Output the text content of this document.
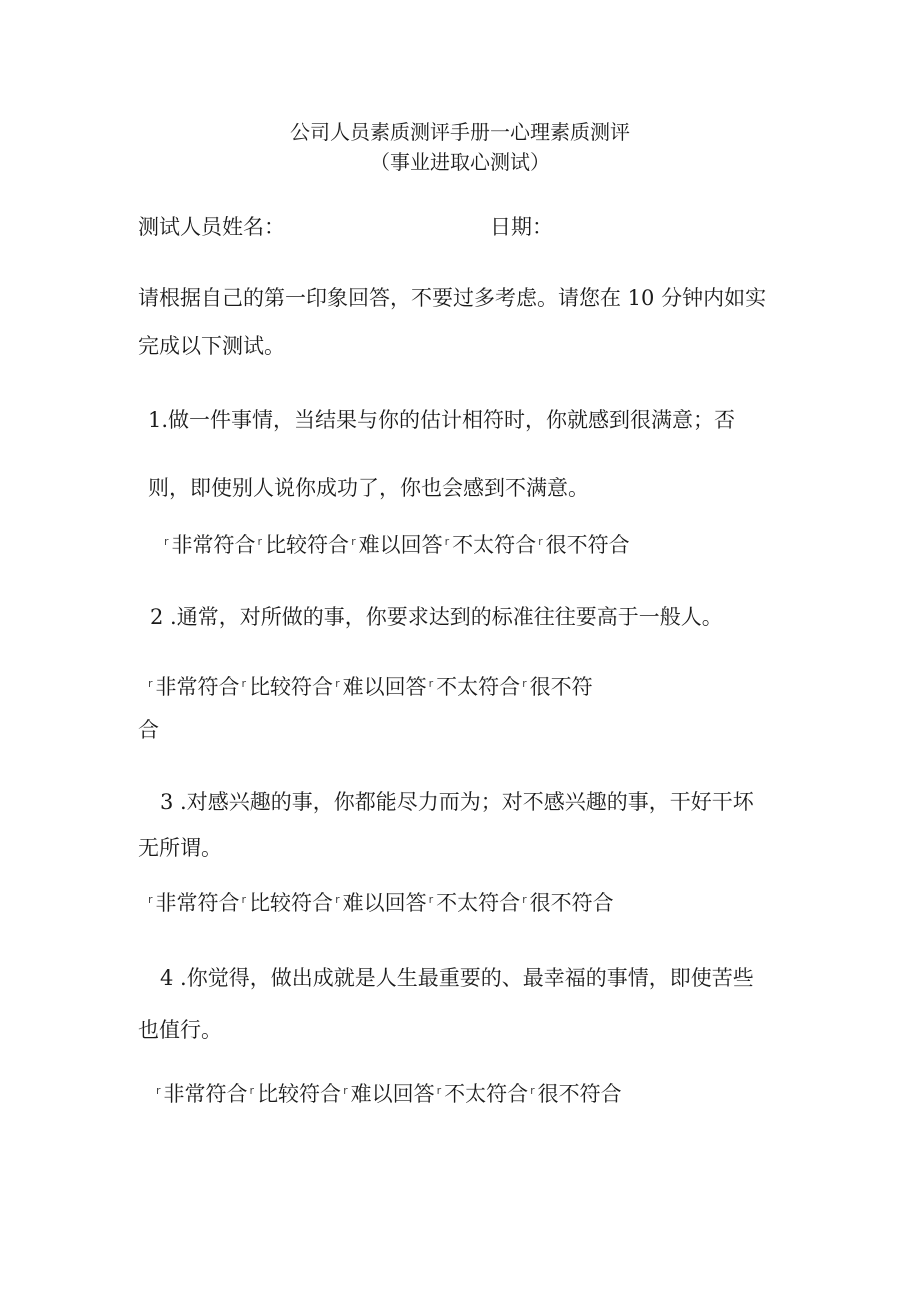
公司人员素质测评手册一心理素质测评
（事业进取心测试）
测试人员姓名：	日期：
请根据自己的第一印象回答，不要过多考虑。请您在 10 分钟内如实
完成以下测试。
1.做一件事情，当结果与你的估计相符时，你就感到很满意；否
则，即使别人说你成功了，你也会感到不满意。
$^r$ 非常符合 $^r$ 比较符合 $^r$ 难以回答 $^r$ 不太符合 $^r$ 很不符合
2 .通常，对所做的事，你要求达到的标准往往要高于一般人。
$^r$ 非常符合 $^r$ 比较符合 $^r$ 难以回答 $^r$ 不太符合 $^r$ 很不符
合
3 .对感兴趣的事，你都能尽力而为；对不感兴趣的事，干好干坏
无所谓。
$^r$ 非常符合 $^r$ 比较符合 $^r$ 难以回答 $^r$ 不太符合 $^r$ 很不符合
4 .你觉得，做出成就是人生最重要的、最幸福的事情，即使苦些
也值行。
$^r$ 非常符合 $^r$ 比较符合 $^r$ 难以回答 $^r$ 不太符合 $^r$ 很不符合
